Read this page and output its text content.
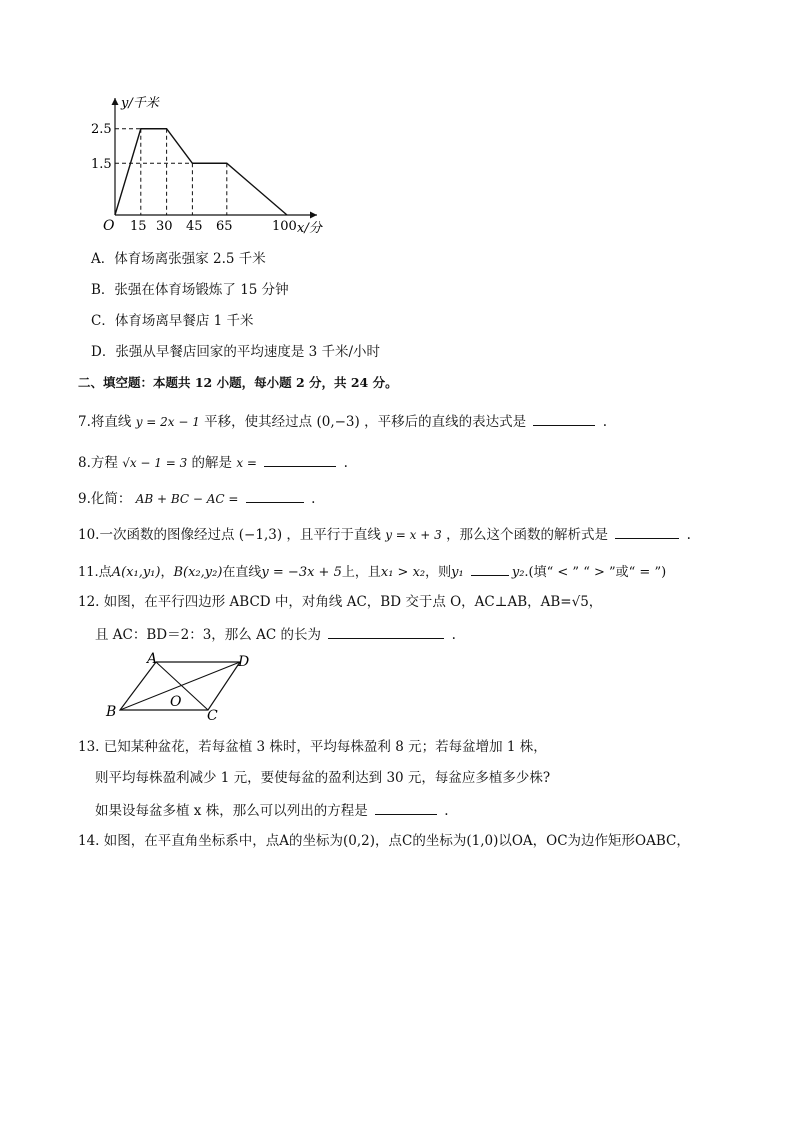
y/千米
x/分
O
2.5
1.5
15 30 45 65	100
A．体育场离张强家 2.5 千米
B．张强在体育场锻炼了 15 分钟
C．体育场离早餐店 1 千米
D．张强从早餐店回家的平均速度是 3 千米/小时
二、填空题：本题共 12 小题，每小题 2 分，共 24 分。
7.将直线 y = 2x − 1 平移，使其经过点 (0,−3) ，平移后的直线的表达式是	.
8.方程 √x − 1 = 3 的解是 x =	.
9.化简： AB + BC − AC =	.
10.一次函数的图像经过点 (−1,3) ，且平行于直线 y = x + 3 ，那么这个函数的解析式是	.
11.点A(x₁,y₁)，B(x₂,y₂)在直线y = −3x + 5上，且x₁ > x₂，则y₁	y₂.(填“ < ” “ > ”或“ = ”)
12. 如图，在平行四边形 ABCD 中，对角线 AC，BD 交于点 O，AC⊥AB，AB=√5，
且 AC：BD＝2：3，那么 AC 的长为	.
A	D
B	C
O
13. 已知某种盆花，若每盆植 3 株时，平均每株盈利 8 元；若每盆增加 1 株，
则平均每株盈利减少 1 元，要使每盆的盈利达到 30 元，每盆应多植多少株?
如果设每盆多植 x 株，那么可以列出的方程是	.
14. 如图，在平直角坐标系中，点A的坐标为(0,2)，点C的坐标为(1,0)以OA，OC为边作矩形OABC，
